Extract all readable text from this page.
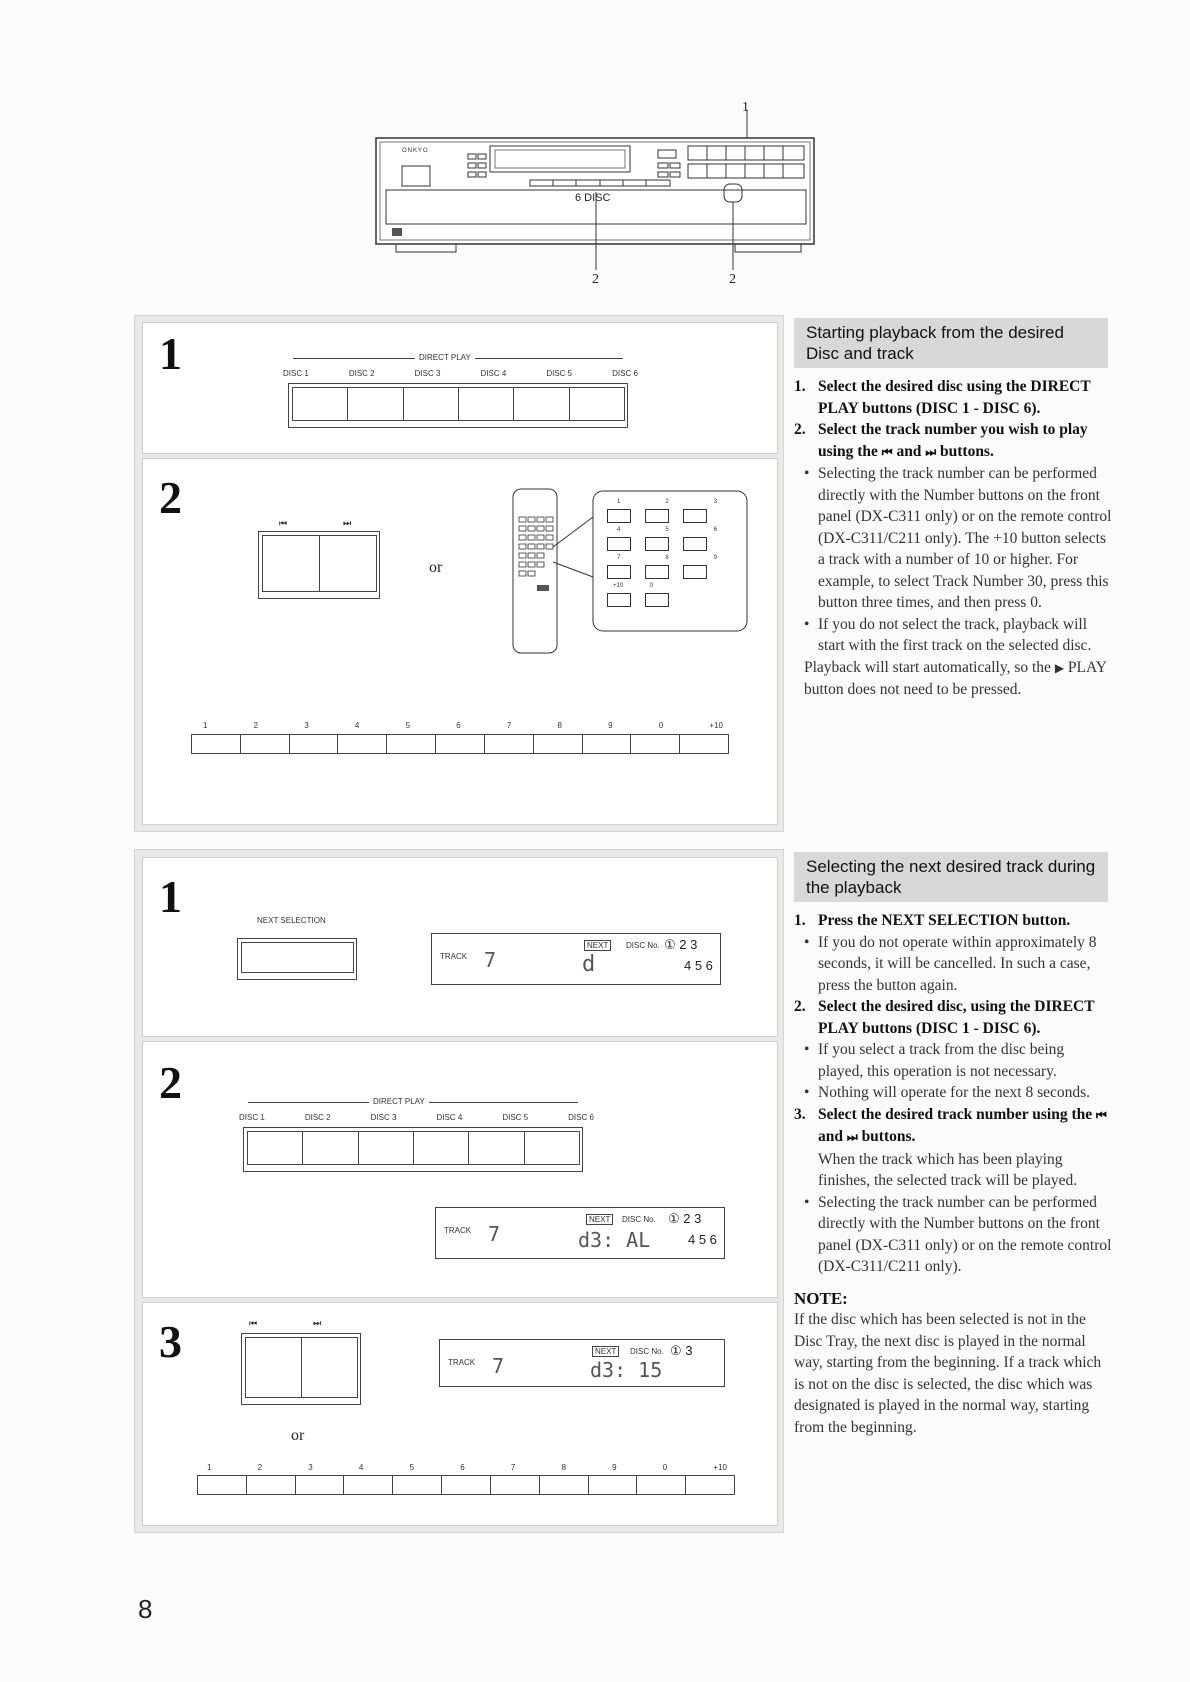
ONKYO
6 DISC
1
2	2
1	DIRECT PLAY
DISC 1	DISC 2	DISC 3	DISC 4	DISC 5	DISC 6
2
⏮	⏭
or
1	2	3
4	5	6
7	8	9
+10	0
1	2	3	4	5	6	7	8	9	0	+10
1	NEXT SELECTION
TRACK 7
NEXT	DISC No.
d
① 2 3
4 5 6
2	DIRECT PLAY
DISC 1	DISC 2	DISC 3	DISC 4	DISC 5	DISC 6
TRACK 7
NEXT	DISC No.
d3: AL
① 2 3
4 5 6
3	⏮	⏭
TRACK 7
NEXT	DISC No.
d3: 15
① 3
or
1	2	3	4	5	6	7	8	9	0	+10
Starting playback from the desired Disc and track
1. Select the desired disc using the DIRECT PLAY buttons (DISC 1 - DISC 6).
2. Select the track number you wish to play using the ⏮ and ⏭ buttons.
• Selecting the track number can be performed directly with the Number buttons on the front panel (DX-C311 only) or on the remote control (DX-C311/C211 only). The +10 button selects a track with a number of 10 or higher. For example, to select Track Number 30, press this button three times, and then press 0.
• If you do not select the track, playback will start with the first track on the selected disc.
Playback will start automatically, so the ▶ PLAY button does not need to be pressed.
Selecting the next desired track during the playback
1. Press the NEXT SELECTION button.
• If you do not operate within approximately 8 seconds, it will be cancelled. In such a case, press the button again.
2. Select the desired disc, using the DIRECT PLAY buttons (DISC 1 - DISC 6).
• If you select a track from the disc being played, this operation is not necessary.
• Nothing will operate for the next 8 seconds.
3. Select the desired track number using the ⏮ and ⏭ buttons.
When the track which has been playing finishes, the selected track will be played.
• Selecting the track number can be performed directly with the Number buttons on the front panel (DX-C311 only) or on the remote control (DX-C311/C211 only).
NOTE:
If the disc which has been selected is not in the Disc Tray, the next disc is played in the normal way, starting from the beginning. If a track which is not on the disc is selected, the disc which was designated is played in the normal way, starting from the beginning.
8
